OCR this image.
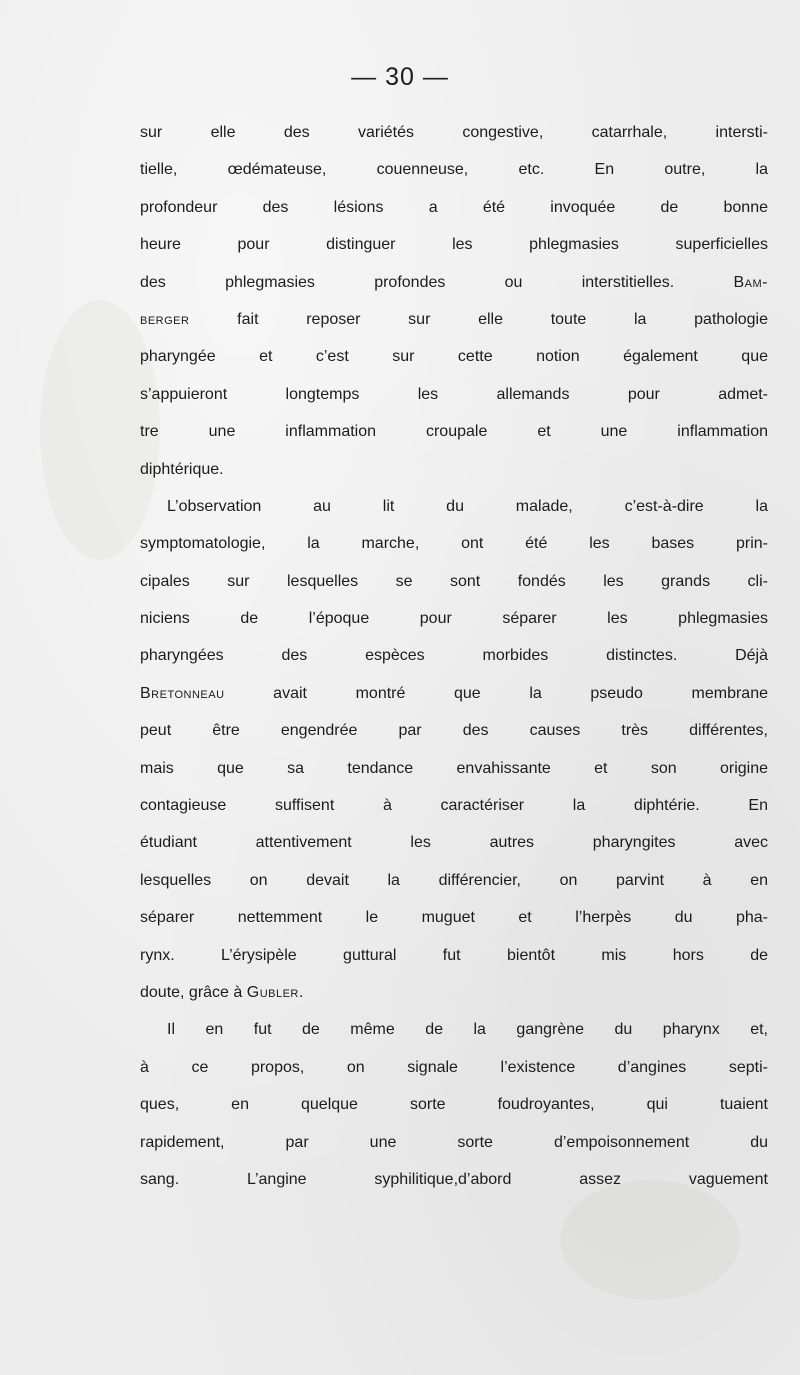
— 30 —
sur elle des variétés congestive, catarrhale, intersti-
tielle, œdémateuse, couenneuse, etc. En outre, la
profondeur des lésions a été invoquée de bonne
heure pour distinguer les phlegmasies superficielles
des phlegmasies profondes ou interstitielles. Bam-
berger fait reposer sur elle toute la pathologie
pharyngée et c’est sur cette notion également que
s’appuieront longtemps les allemands pour admet-
tre une inflammation croupale et une inflammation
diphtérique.
L’observation au lit du malade, c’est-à-dire la
symptomatologie, la marche, ont été les bases prin-
cipales sur lesquelles se sont fondés les grands cli-
niciens de l’époque pour séparer les phlegmasies
pharyngées des espèces morbides distinctes. Déjà
Bretonneau avait montré que la pseudo membrane
peut être engendrée par des causes très différentes,
mais que sa tendance envahissante et son origine
contagieuse suffisent à caractériser la diphtérie. En
étudiant attentivement les autres pharyngites avec
lesquelles on devait la différencier, on parvint à en
séparer nettemment le muguet et l’herpès du pha-
rynx. L’érysipèle guttural fut bientôt mis hors de
doute, grâce à Gubler.
Il en fut de même de la gangrène du pharynx et,
à ce propos, on signale l’existence d’angines septi-
ques, en quelque sorte foudroyantes, qui tuaient
rapidement, par une sorte d’empoisonnement du
sang. L’angine syphilitique,d’abord assez vaguement
